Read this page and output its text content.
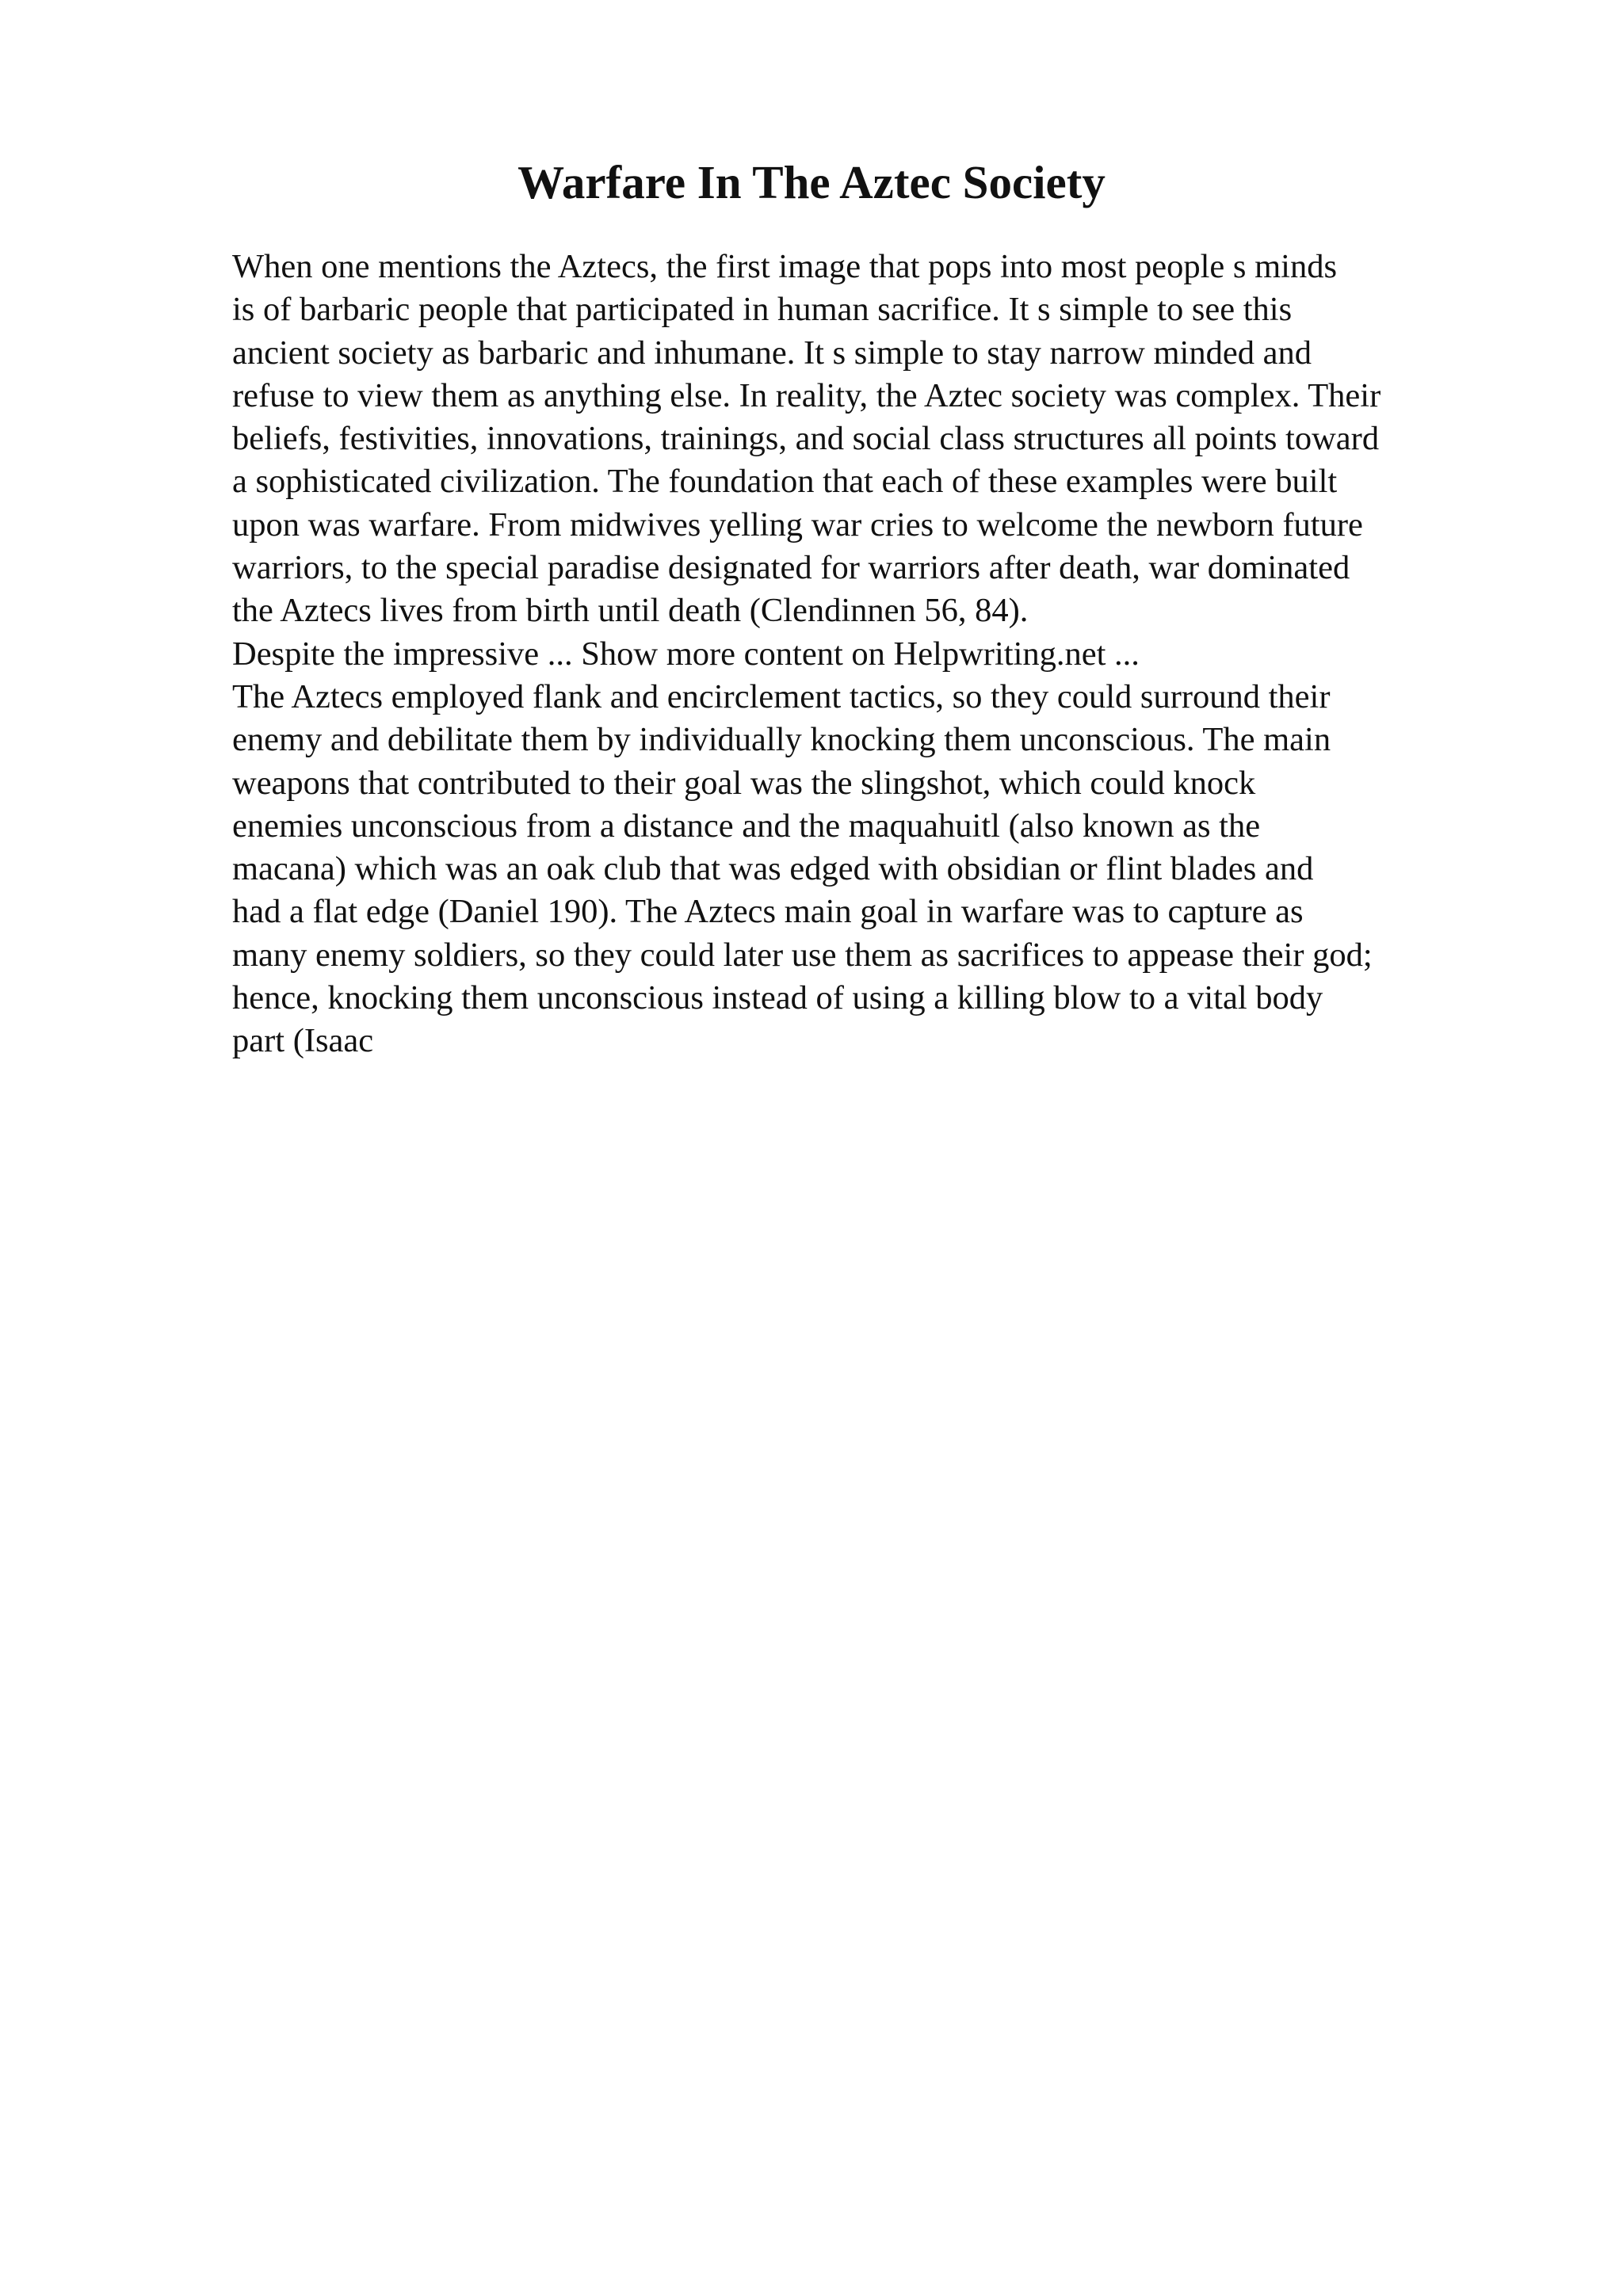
Warfare In The Aztec Society
When one mentions the Aztecs, the first image that pops into most people s minds
is of barbaric people that participated in human sacrifice. It s simple to see this
ancient society as barbaric and inhumane. It s simple to stay narrow minded and
refuse to view them as anything else. In reality, the Aztec society was complex. Their
beliefs, festivities, innovations, trainings, and social class structures all points toward
a sophisticated civilization. The foundation that each of these examples were built
upon was warfare. From midwives yelling war cries to welcome the newborn future
warriors, to the special paradise designated for warriors after death, war dominated
the Aztecs lives from birth until death (Clendinnen 56, 84).
Despite the impressive ... Show more content on Helpwriting.net ...
The Aztecs employed flank and encirclement tactics, so they could surround their
enemy and debilitate them by individually knocking them unconscious. The main
weapons that contributed to their goal was the slingshot, which could knock
enemies unconscious from a distance and the maquahuitl (also known as the
macana) which was an oak club that was edged with obsidian or flint blades and
had a flat edge (Daniel 190). The Aztecs main goal in warfare was to capture as
many enemy soldiers, so they could later use them as sacrifices to appease their god;
hence, knocking them unconscious instead of using a killing blow to a vital body
part (Isaac
